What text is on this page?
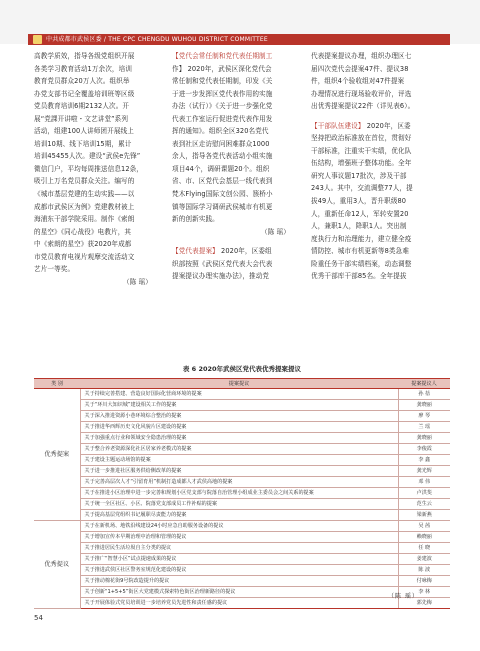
中共成都市武侯区委 / THE CPC CHENGDU WUHOU DISTRICT COMMITTEE
高教学质效，指导各级党组织开展
各类学习教育活动1万余次，培训
教育党员群众20万人次。组织举
办党支部书记全覆盖培训班等区级
党员教育培训6期2132人次。开
展“党課开讲啦・文艺讲堂”系列
活动，组建100人讲师团开展线上
培训10期、线下培训15期，累计
培训45455人次。建设“武侯e先锋”
微信门户，平均每周推送信息12条，
吸引上万名党员群众关注。编写的
《城市基层党建的生动实践——以
成都市武侯区为例》党建教材被上
海浦东干部学院采用。制作《索朗
的星空》《同心战役》电教片，其
中《索朗的星空》获2020年成都
市党员教育电视片观摩交流活动文
艺片一等奖。
（陈 瑶）
【党代会常任制和党代表任期制工
作】 2020年，武侯区深化党代会
常任制和党代表任期制，印发《关
于进一步发挥区党代表作用的实施
办法（试行）》《关于进一步强化党
代表工作室运行促进党代表作用发
挥的通知》。组织全区320名党代
表到社区走访慰问困难群众1000
余人，指导各党代表活动小组实施
项目44个，调研课题20个。组织
省、市、区党代会基层一线代表到
梵木Flying国际文创公园、簇桥小
镇等国际学习调研武侯城市有机更
新的创新实践。
（陈 瑶）
【党代表提案】 2020年，区委组
织部按照《武侯区党代表大会代表
提案提议办理实施办法》，推动党
代表提案提议办理，组织办理区七
届四次党代会提案47件、提议38
件，组织4个验收组对47件提案
办理情况进行现场验收评价，评选
出优秀提案提议22件（详见表6）。
【干部队伍建设】 2020年，区委
坚持把政治标准放在首位，贯彻好
干部标准，注重实干实绩，优化队
伍结构，增强班子整体功能。全年
研究人事议题17批次，涉及干部
243人。其中，交流调整77人，提
拔49人，重用3人，晋升职级80
人，重新任命12人，军转安置20
人，兼职1人，降职1人。突出制
度执行力和治理能力，建立健全疫
情防控、城市有机更新等8类急难
险重任务干部实绩档案，动态调整
优秀干部库干部85名。全年提拔
表 6 2020年武侯区党代表优秀提案提议
类 别	提案提议	提案提议人
优秀提案	关于持续完善搭建、营造良好国际化营商环境的提案	孙 蓓
	关于“环川大知识城”建设相关工作的提案	龚晓丽
	关于深入推进资源小巷环境综合整治的提案	廖 琴
	关于推进华西辉历史文化风貌片区建设的提案	兰 瑶
	关于加强重点行业和领域安全隐患治理的提案	龚晓丽
	关于整合养老资源深化社区居家养老模式的提案	李俊霞
	关于建设主题运动场馆的提案	李 鑫
	关于进一步推进社区服务供给侧改革的提案	龚光辉
	关于完善高层次人才“引留育用”机制打造成都人才武侯高地的提案	邓 伟
	关于在推进小区治理中进一步完善和规划小区党支部与院落自治管理小组成业主委员会之间关系的提案	卢洪斐
	关于统一全区社区、小区、院落党支部成员工作补贴的提案	范生云
	关于提高基层党组织书记履职尽责能力的提案	梁新燕
优秀提议	关于在新机场、地铁沿线建设24小时应急自助服务设备的提议	吴 茜
	关于增加宣传本早期治理中治理和管理的提议	赖晓丽
	关于推进居民生活垃圾自主分类的提议	任 晓
	关于推广“智慧小区”试点提速成果的提议	姜建波
	关于推进武侯区社区警务室规范化建设的提议	陈 波
	关于推动棉花街9号院改造提升的提议	付咏梅
	关于创新“1+5+5”街区大党建模式探索特色街区治理新路径的提议	李 林
	关于开展体验式党员培训进一步培养党员先进性和责任感的提议	郭先梅
（陈 瑶）
54
